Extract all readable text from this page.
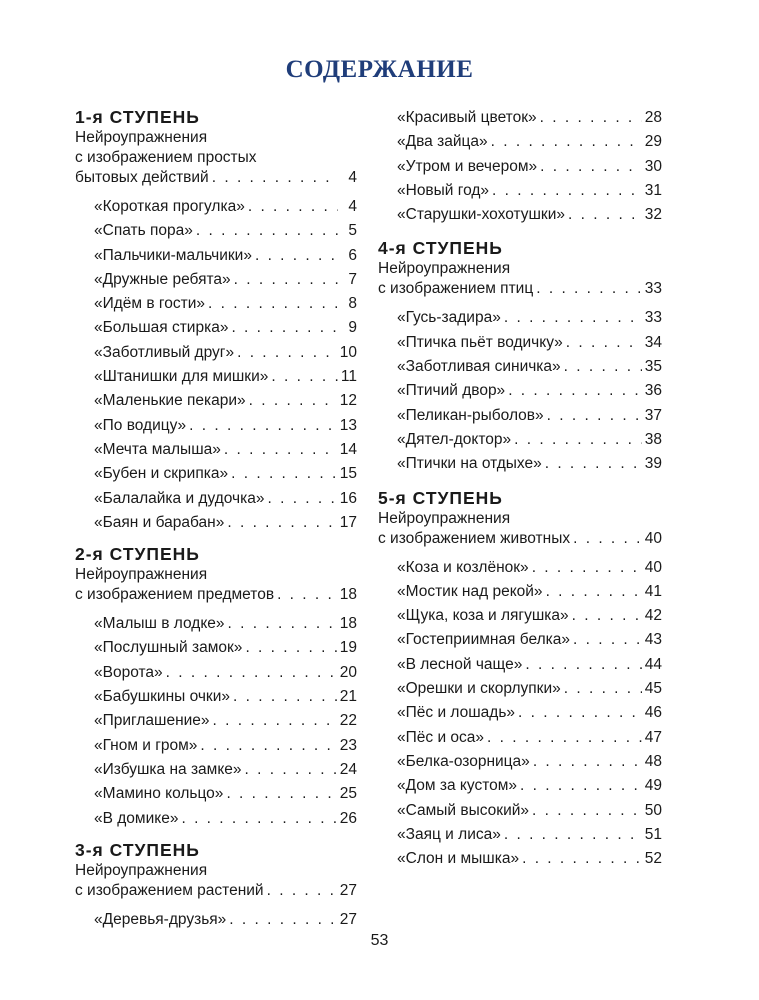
СОДЕРЖАНИЕ
1-я СТУПЕНЬ
Нейроупражнения
с изображением простых
бытовых действий . . .	4
«Короткая прогулка» . . .	4
«Спать пора» . . .	5
«Пальчики-мальчики» . . .	6
«Дружные ребята» . . .	7
«Идём в гости» . . .	8
«Большая стирка» . . .	9
«Заботливый друг» . . .	10
«Штанишки для мишки» . . .	11
«Маленькие пекари» . . .	12
«По водицу» . . .	13
«Мечта малыша» . . .	14
«Бубен и скрипка» . . .	15
«Балалайка и дудочка» . . .	16
«Баян и барабан» . . .	17
2-я СТУПЕНЬ
Нейроупражнения
с изображением предметов . . .	18
«Малыш в лодке» . . .	18
«Послушный замок» . . .	19
«Ворота» . . .	20
«Бабушкины очки» . . .	21
«Приглашение» . . .	22
«Гном и гром» . . .	23
«Избушка на замке» . . .	24
«Мамино кольцо» . . .	25
«В домике» . . .	26
3-я СТУПЕНЬ
Нейроупражнения
с изображением растений . . .	27
«Деревья-друзья» . . .	27
«Красивый цветок» . . .	28
«Два зайца» . . .	29
«Утром и вечером» . . .	30
«Новый год» . . .	31
«Старушки-хохотушки» . . .	32
4-я СТУПЕНЬ
Нейроупражнения
с изображением птиц . . .	33
«Гусь-задира» . . .	33
«Птичка пьёт водичку» . . .	34
«Заботливая синичка» . . .	35
«Птичий двор» . . .	36
«Пеликан-рыболов» . . .	37
«Дятел-доктор» . . .	38
«Птички на отдыхе» . . .	39
5-я СТУПЕНЬ
Нейроупражнения
с изображением животных . . .	40
«Коза и козлёнок» . . .	40
«Мостик над рекой» . . .	41
«Щука, коза и лягушка» . . .	42
«Гостеприимная белка» . . .	43
«В лесной чаще» . . .	44
«Орешки и скорлупки» . . .	45
«Пёс и лошадь» . . .	46
«Пёс и оса» . . .	47
«Белка-озорница» . . .	48
«Дом за кустом» . . .	49
«Самый высокий» . . .	50
«Заяц и лиса» . . .	51
«Слон и мышка» . . .	52
53
